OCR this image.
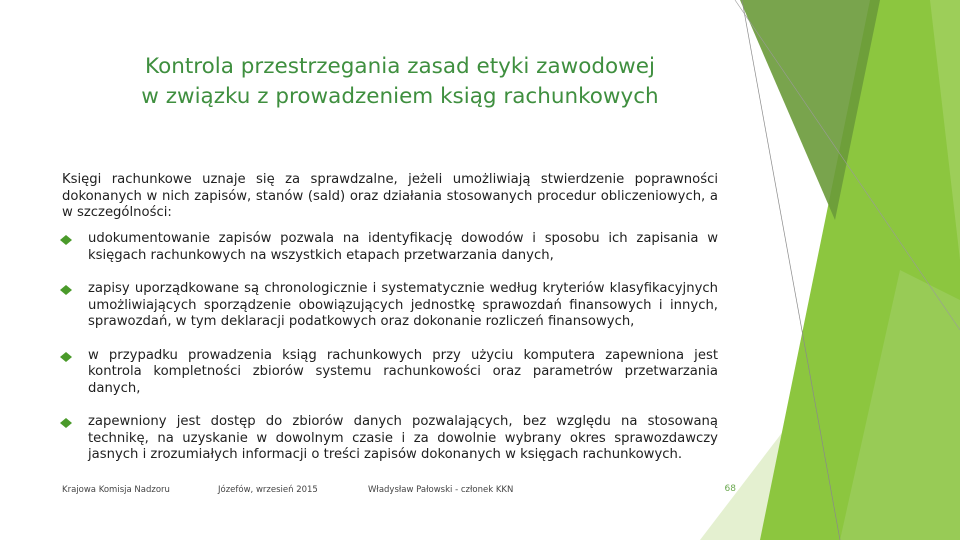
Kontrola przestrzegania zasad etyki zawodowej
w związku z prowadzeniem ksiąg rachunkowych
Księgi rachunkowe uznaje się za sprawdzalne, jeżeli umożliwiają stwierdzenie poprawności dokonanych w nich zapisów, stanów (sald) oraz działania stosowanych procedur obliczeniowych, a w szczególności:
udokumentowanie zapisów pozwala na identyfikację dowodów i sposobu ich zapisania w księgach rachunkowych na wszystkich etapach przetwarzania danych,
zapisy uporządkowane są chronologicznie i systematycznie według kryteriów klasyfikacyjnych umożliwiających sporządzenie obowiązujących jednostkę sprawozdań finansowych i innych, sprawozdań, w tym deklaracji podatkowych oraz dokonanie rozliczeń finansowych,
w przypadku prowadzenia ksiąg rachunkowych przy użyciu komputera zapewniona jest kontrola kompletności zbiorów systemu rachunkowości oraz parametrów przetwarzania danych,
zapewniony jest dostęp do zbiorów danych pozwalających, bez względu na stosowaną technikę, na uzyskanie w dowolnym czasie i za dowolnie wybrany okres sprawozdawczy jasnych i zrozumiałych informacji o treści zapisów dokonanych w księgach rachunkowych.
Krajowa Komisja Nadzoru	Józefów, wrzesień 2015	Władysław Pałowski - członek KKN	68
